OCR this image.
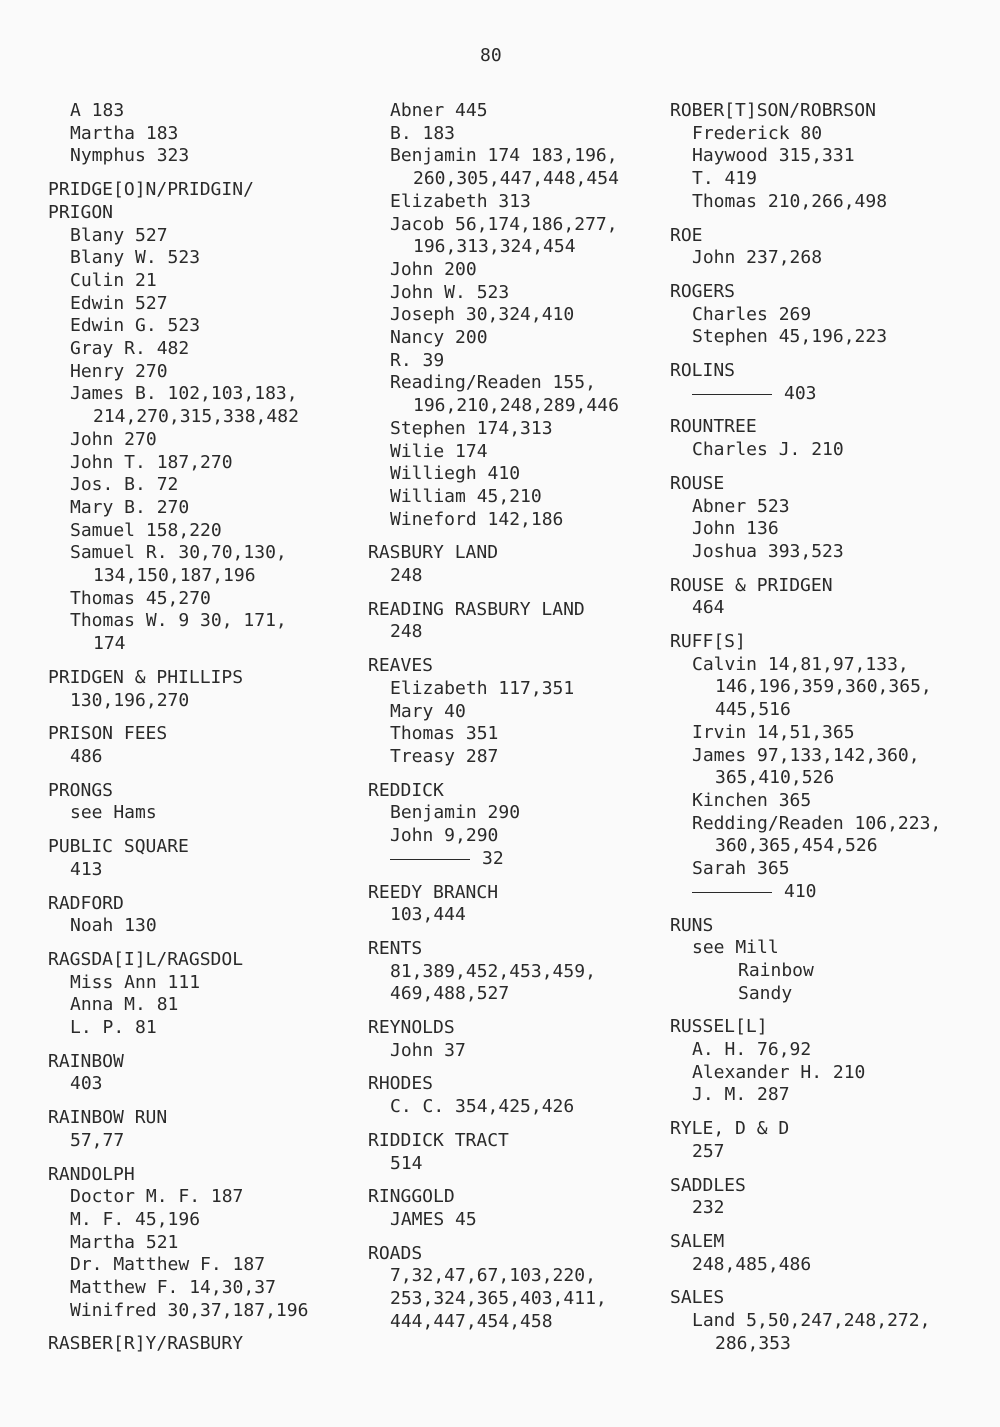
80
A 183
Martha 183
Nymphus 323
PRIDGE[O]N/PRIDGIN/
PRIGON
Blany 527
Blany W. 523
Culin 21
Edwin 527
Edwin G. 523
Gray R. 482
Henry 270
James B. 102,103,183,
214,270,315,338,482
John 270
John T. 187,270
Jos. B. 72
Mary B. 270
Samuel 158,220
Samuel R. 30,70,130,
134,150,187,196
Thomas 45,270
Thomas W. 9 30, 171,
174
PRIDGEN & PHILLIPS
130,196,270
PRISON FEES
486
PRONGS
see Hams
PUBLIC SQUARE
413
RADFORD
Noah 130
RAGSDA[I]L/RAGSDOL
Miss Ann 111
Anna M. 81
L. P. 81
RAINBOW
403
RAINBOW RUN
57,77
RANDOLPH
Doctor M. F. 187
M. F. 45,196
Martha 521
Dr. Matthew F. 187
Matthew F. 14,30,37
Winifred 30,37,187,196
RASBER[R]Y/RASBURY
Abner 445
B. 183
Benjamin 174 183,196,
260,305,447,448,454
Elizabeth 313
Jacob 56,174,186,277,
196,313,324,454
John 200
John W. 523
Joseph 30,324,410
Nancy 200
R. 39
Reading/Readen 155,
196,210,248,289,446
Stephen 174,313
Wilie 174
Williegh 410
William 45,210
Wineford 142,186
RASBURY LAND
248
READING RASBURY LAND
248
REAVES
Elizabeth 117,351
Mary 40
Thomas 351
Treasy 287
REDDICK
Benjamin 290
John 9,290
32
REEDY BRANCH
103,444
RENTS
81,389,452,453,459,
469,488,527
REYNOLDS
John 37
RHODES
C. C. 354,425,426
RIDDICK TRACT
514
RINGGOLD
JAMES 45
ROADS
7,32,47,67,103,220,
253,324,365,403,411,
444,447,454,458
ROBER[T]SON/ROBRSON
Frederick 80
Haywood 315,331
T. 419
Thomas 210,266,498
ROE
John 237,268
ROGERS
Charles 269
Stephen 45,196,223
ROLINS
403
ROUNTREE
Charles J. 210
ROUSE
Abner 523
John 136
Joshua 393,523
ROUSE & PRIDGEN
464
RUFF[S]
Calvin 14,81,97,133,
146,196,359,360,365,
445,516
Irvin 14,51,365
James 97,133,142,360,
365,410,526
Kinchen 365
Redding/Readen 106,223,
360,365,454,526
Sarah 365
410
RUNS
see Mill
Rainbow
Sandy
RUSSEL[L]
A. H. 76,92
Alexander H. 210
J. M. 287
RYLE, D & D
257
SADDLES
232
SALEM
248,485,486
SALES
Land 5,50,247,248,272,
286,353
